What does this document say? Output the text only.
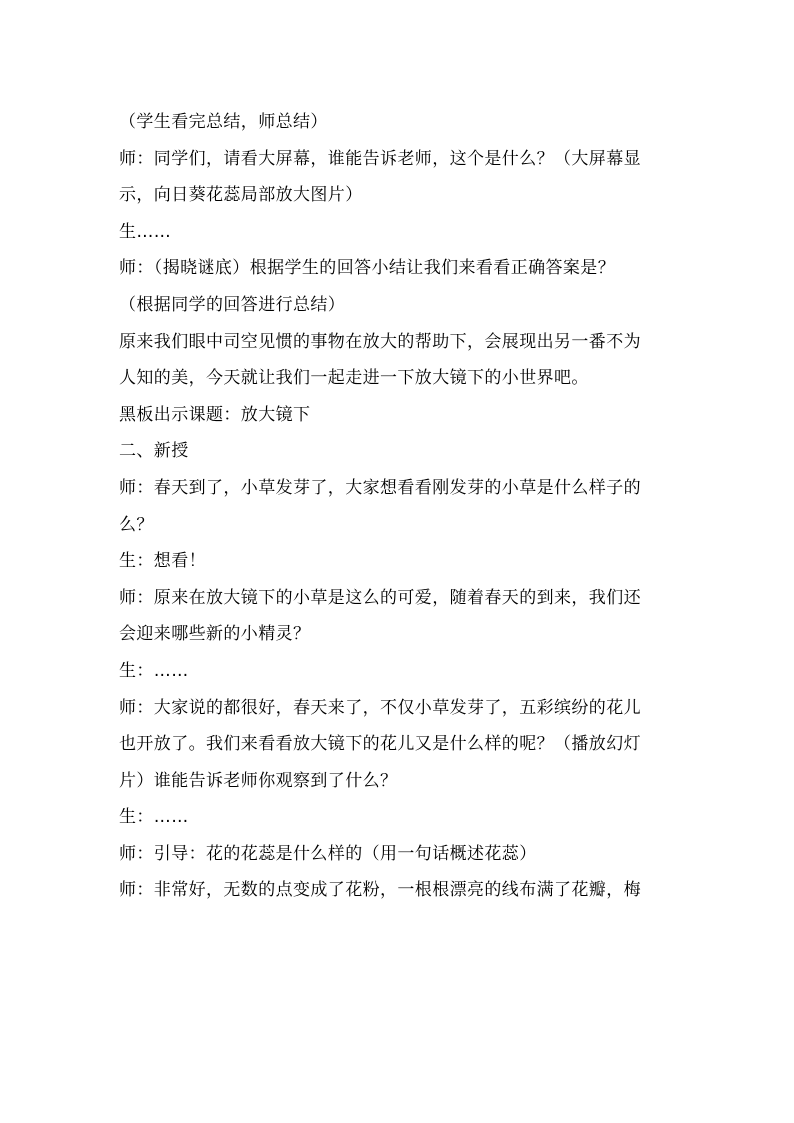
（学生看完总结，师总结）
师：同学们，请看大屏幕，谁能告诉老师，这个是什么？（大屏幕显
示，向日葵花蕊局部放大图片）
生……
师：（揭晓谜底）根据学生的回答小结让我们来看看正确答案是？
（根据同学的回答进行总结）
原来我们眼中司空见惯的事物在放大的帮助下，会展现出另一番不为
人知的美，今天就让我们一起走进一下放大镜下的小世界吧。
黑板出示课题：放大镜下
二、新授
师：春天到了，小草发芽了，大家想看看刚发芽的小草是什么样子的
么？
生：想看！
师：原来在放大镜下的小草是这么的可爱，随着春天的到来，我们还
会迎来哪些新的小精灵？
生：……
师：大家说的都很好，春天来了，不仅小草发芽了，五彩缤纷的花儿
也开放了。我们来看看放大镜下的花儿又是什么样的呢？（播放幻灯
片）谁能告诉老师你观察到了什么？
生：……
师：引导：花的花蕊是什么样的（用一句话概述花蕊）
师：非常好，无数的点变成了花粉，一根根漂亮的线布满了花瓣，梅
